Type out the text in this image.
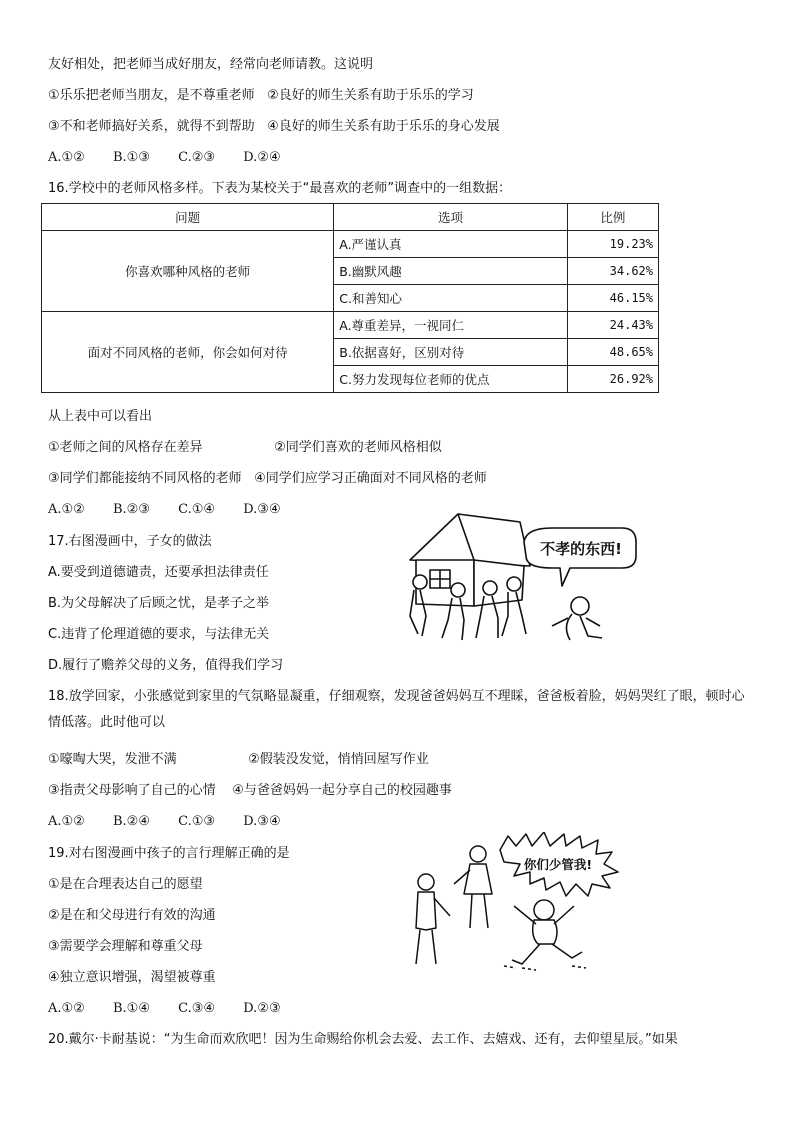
友好相处，把老师当成好朋友，经常向老师请教。这说明
①乐乐把老师当朋友，是不尊重老师 ②良好的师生关系有助于乐乐的学习
③不和老师搞好关系，就得不到帮助 ④良好的师生关系有助于乐乐的身心发展
A.①② B.①③ C.②③ D.②④
16.学校中的老师风格多样。下表为某校关于“最喜欢的老师”调查中的一组数据：
问题	选项	比例
你喜欢哪种风格的老师	A.严谨认真	19.23%
	B.幽默风趣	34.62%
	C.和善知心	46.15%
面对不同风格的老师，你会如何对待	A.尊重差异，一视同仁	24.43%
	B.依据喜好，区别对待	48.65%
	C.努力发现每位老师的优点	26.92%
从上表中可以看出
①老师之间的风格存在差异	②同学们喜欢的老师风格相似
③同学们都能接纳不同风格的老师 ④同学们应学习正确面对不同风格的老师
A.①② B.②③ C.①④ D.③④
17.右图漫画中，子女的做法
A.要受到道德谴责，还要承担法律责任
B.为父母解决了后顾之忧，是孝子之举
C.违背了伦理道德的要求，与法律无关
D.履行了赡养父母的义务，值得我们学习
不孝的东西!
18.放学回家，小张感觉到家里的气氛略显凝重，仔细观察，发现爸爸妈妈互不理睬，爸爸板着脸，妈妈哭红了眼，顿时心情低落。此时他可以
①嚎啕大哭，发泄不满	②假装没发觉，悄悄回屋写作业
③指责父母影响了自己的心情 ④与爸爸妈妈一起分享自己的校园趣事
A.①② B.②④ C.①③ D.③④
19.对右图漫画中孩子的言行理解正确的是
①是在合理表达自己的愿望
②是在和父母进行有效的沟通
③需要学会理解和尊重父母
④独立意识增强，渴望被尊重
A.①② B.①④ C.③④ D.②③
你们少管我!
20.戴尔·卡耐基说：“为生命而欢欣吧！因为生命赐给你机会去爱、去工作、去嬉戏、还有，去仰望星辰。”如果
